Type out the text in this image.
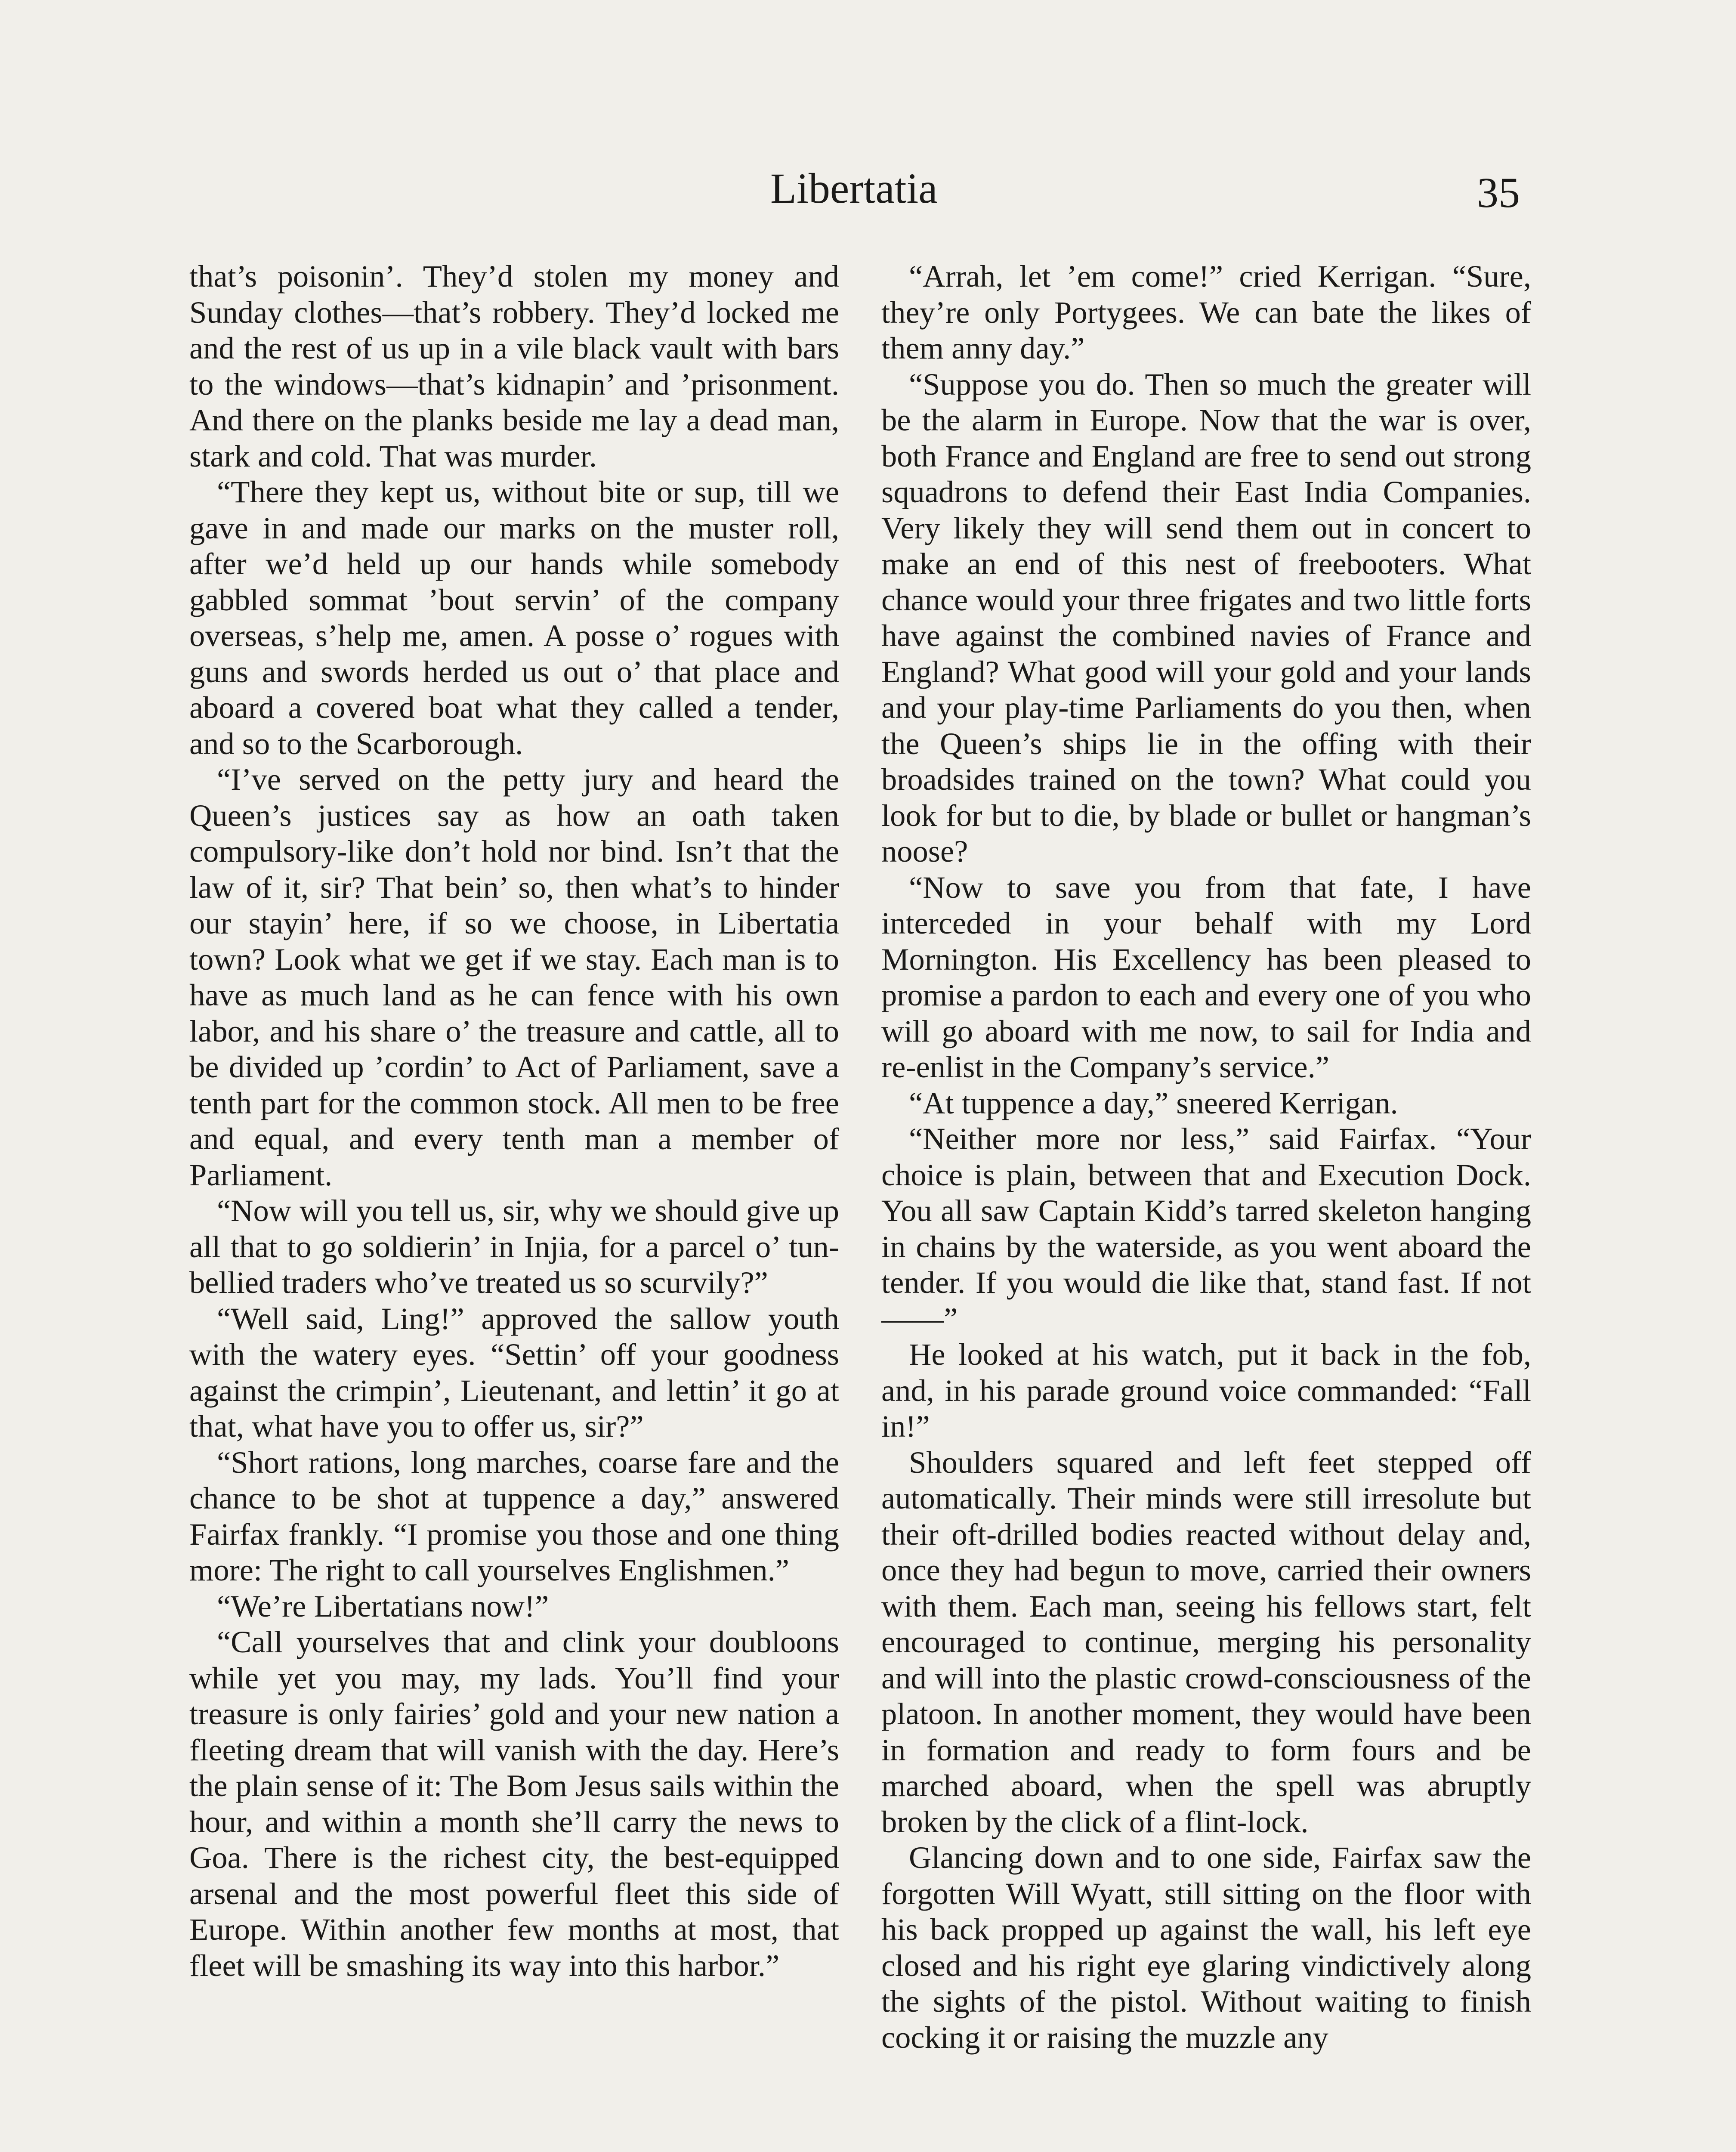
Libertatia	35

that’s poisonin’. They’d stolen my money and Sunday clothes—that’s robbery. They’d locked me and the rest of us up in a vile black vault with bars to the windows—that’s kidnapin’ and ’prisonment. And there on the planks beside me lay a dead man, stark and cold. That was murder.

“There they kept us, without bite or sup, till we gave in and made our marks on the muster roll, after we’d held up our hands while somebody gabbled sommat ’bout servin’ of the company overseas, s’help me, amen. A posse o’ rogues with guns and swords herded us out o’ that place and aboard a covered boat what they called a tender, and so to the Scarborough.

“I’ve served on the petty jury and heard the Queen’s justices say as how an oath taken compulsory-like don’t hold nor bind. Isn’t that the law of it, sir? That bein’ so, then what’s to hinder our stayin’ here, if so we choose, in Libertatia town? Look what we get if we stay. Each man is to have as much land as he can fence with his own labor, and his share o’ the treasure and cattle, all to be divided up ’cordin’ to Act of Parliament, save a tenth part for the common stock. All men to be free and equal, and every tenth man a member of Parliament.

“Now will you tell us, sir, why we should give up all that to go soldierin’ in Injia, for a parcel o’ tun-bellied traders who’ve treated us so scurvily?”

“Well said, Ling!” approved the sallow youth with the watery eyes. “Settin’ off your goodness against the crimpin’, Lieutenant, and lettin’ it go at that, what have you to offer us, sir?”

“Short rations, long marches, coarse fare and the chance to be shot at tuppence a day,” answered Fairfax frankly. “I promise you those and one thing more: The right to call yourselves Englishmen.”

“We’re Libertatians now!”

“Call yourselves that and clink your doubloons while yet you may, my lads. You’ll find your treasure is only fairies’ gold and your new nation a fleeting dream that will vanish with the day. Here’s the plain sense of it: The Bom Jesus sails within the hour, and within a month she’ll carry the news to Goa. There is the richest city, the best-equipped arsenal and the most powerful fleet this side of Europe. Within another few months at most, that fleet will be smashing its way into this harbor.”

“Arrah, let ’em come!” cried Kerrigan. “Sure, they’re only Portygees. We can bate the likes of them anny day.”

“Suppose you do. Then so much the greater will be the alarm in Europe. Now that the war is over, both France and England are free to send out strong squadrons to defend their East India Companies. Very likely they will send them out in concert to make an end of this nest of freebooters. What chance would your three frigates and two little forts have against the combined navies of France and England? What good will your gold and your lands and your play-time Parliaments do you then, when the Queen’s ships lie in the offing with their broadsides trained on the town? What could you look for but to die, by blade or bullet or hangman’s noose?

“Now to save you from that fate, I have interceded in your behalf with my Lord Mornington. His Excellency has been pleased to promise a pardon to each and every one of you who will go aboard with me now, to sail for India and re-enlist in the Company’s service.”

“At tuppence a day,” sneered Kerrigan.

“Neither more nor less,” said Fairfax. “Your choice is plain, between that and Execution Dock. You all saw Captain Kidd’s tarred skeleton hanging in chains by the waterside, as you went aboard the tender. If you would die like that, stand fast. If not——”

He looked at his watch, put it back in the fob, and, in his parade ground voice commanded: “Fall in!”

Shoulders squared and left feet stepped off automatically. Their minds were still irresolute but their oft-drilled bodies reacted without delay and, once they had begun to move, carried their owners with them. Each man, seeing his fellows start, felt encouraged to continue, merging his personality and will into the plastic crowd-consciousness of the platoon. In another moment, they would have been in formation and ready to form fours and be marched aboard, when the spell was abruptly broken by the click of a flint-lock.

Glancing down and to one side, Fairfax saw the forgotten Will Wyatt, still sitting on the floor with his back propped up against the wall, his left eye closed and his right eye glaring vindictively along the sights of the pistol. Without waiting to finish cocking it or raising the muzzle any
